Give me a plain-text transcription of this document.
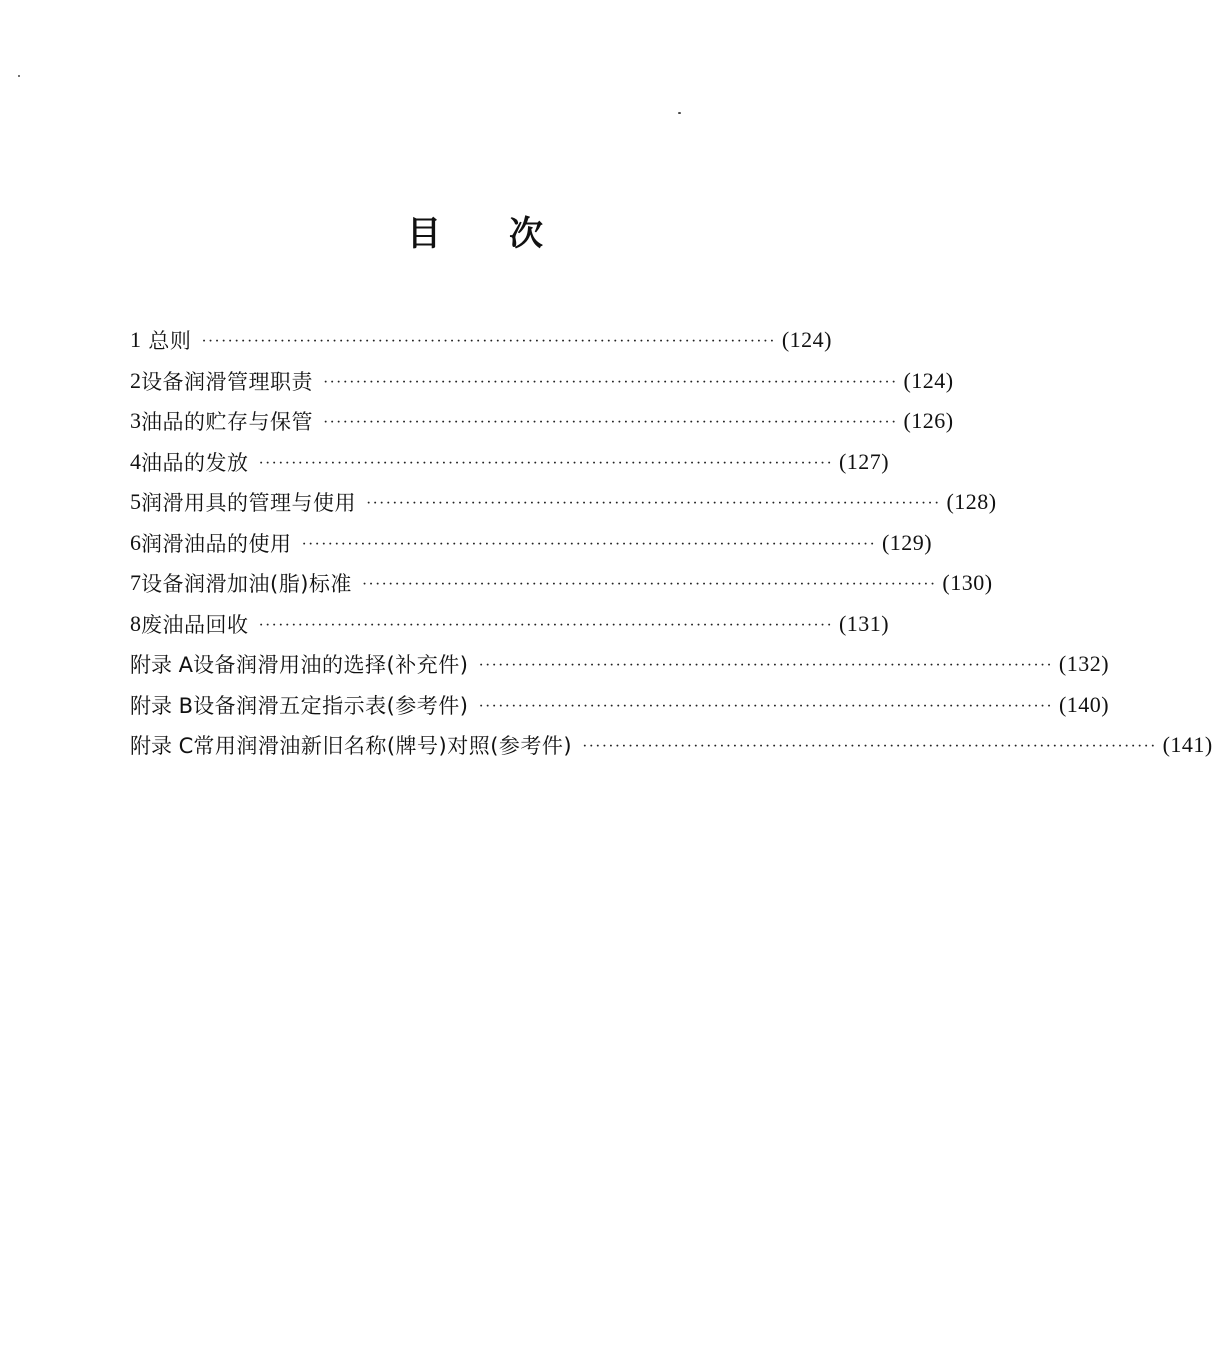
目 次
1 总则 ························································································ (124)
2 设备润滑管理职责 ························································································ (124)
3 油品的贮存与保管 ························································································ (126)
4 油品的发放 ························································································ (127)
5 润滑用具的管理与使用 ························································································ (128)
6 润滑油品的使用 ························································································ (129)
7 设备润滑加油(脂)标准 ························································································ (130)
8 废油品回收 ························································································ (131)
附录 A 设备润滑用油的选择(补充件) ························································································ (132)
附录 B 设备润滑五定指示表(参考件) ························································································ (140)
附录 C 常用润滑油新旧名称(牌号)对照(参考件) ························································································ (141)
